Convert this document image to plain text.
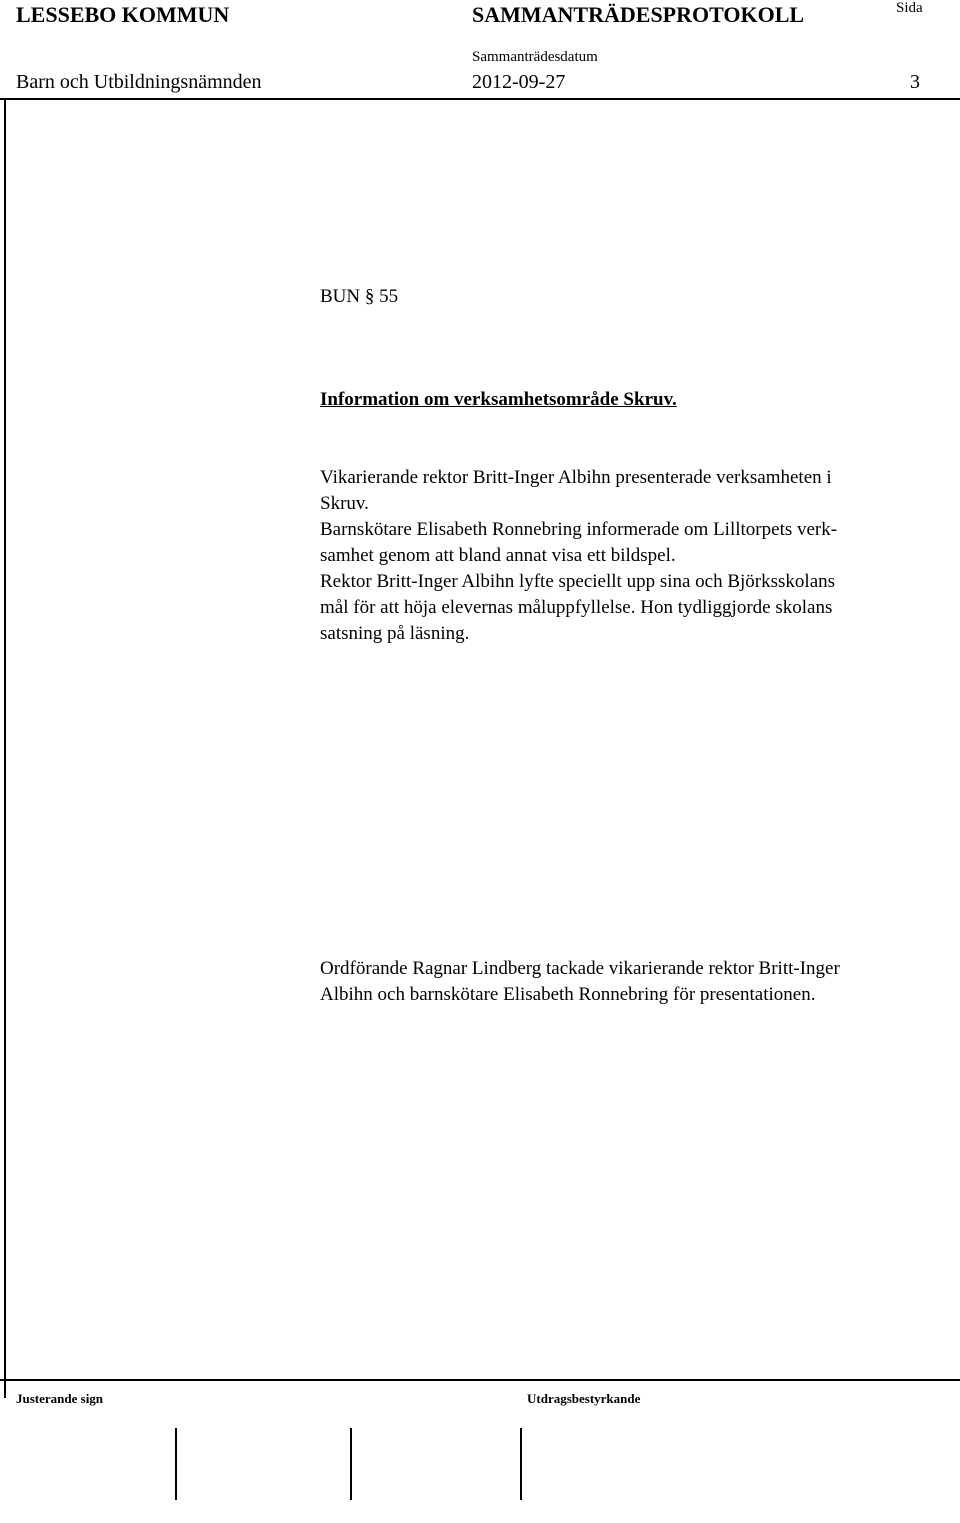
LESSEBO KOMMUN	SAMMANTRÄDESPROTOKOLL	Sida
Sammanträdesdatum
Barn och Utbildningsnämnden	2012-09-27	3
BUN § 55
Information om verksamhetsområde Skruv.
Vikarierande rektor Britt-Inger Albihn presenterade verksamheten i
Skruv.
Barnskötare Elisabeth Ronnebring informerade om Lilltorpets verk-
samhet genom att bland annat visa ett bildspel.
Rektor Britt-Inger Albihn lyfte speciellt upp sina och Björksskolans
mål för att höja elevernas måluppfyllelse. Hon tydliggjorde skolans
satsning på läsning.
Ordförande Ragnar Lindberg tackade vikarierande rektor Britt-Inger
Albihn och barnskötare Elisabeth Ronnebring för presentationen.
Justerande sign	Utdragsbestyrkande
